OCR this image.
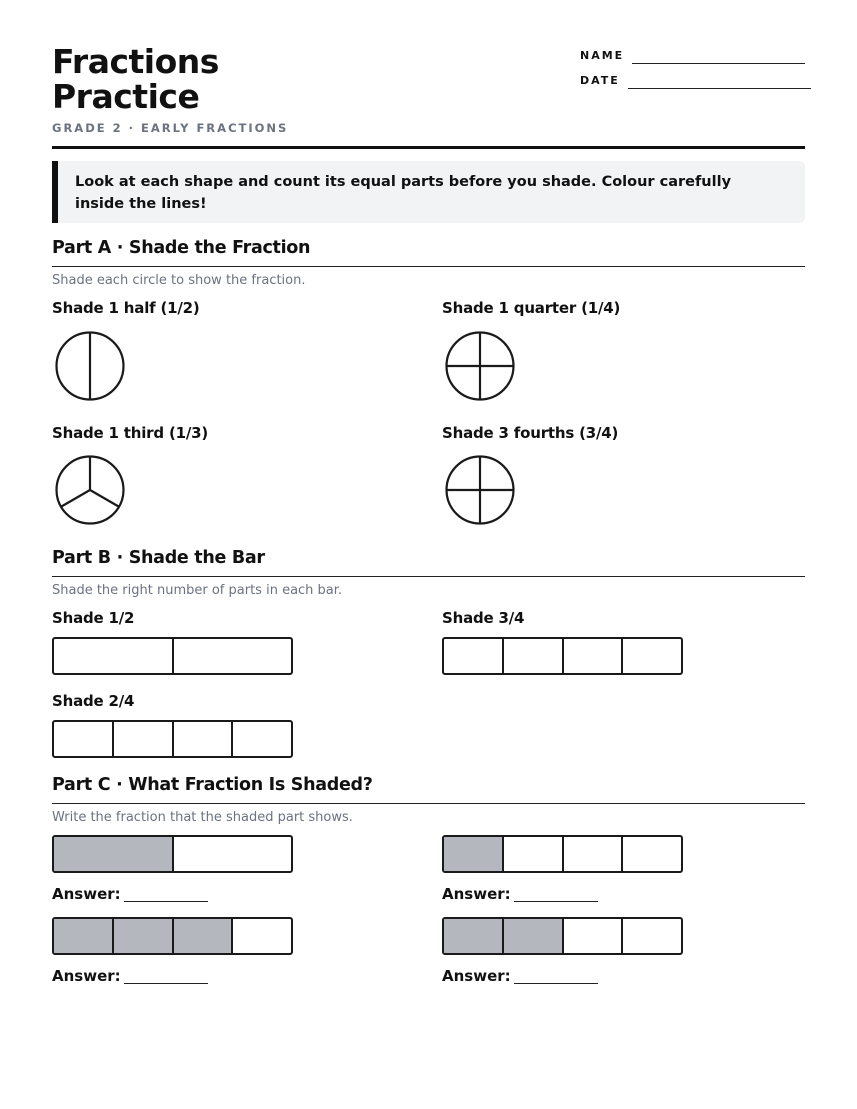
Fractions
Practice
GRADE 2 · EARLY FRACTIONS
NAME
DATE
Look at each shape and count its equal parts before you shade. Colour carefully inside the lines!
Part A · Shade the Fraction
Shade each circle to show the fraction.
Shade 1 half (1/2)	Shade 1 quarter (1/4)
Shade 1 third (1/3)	Shade 3 fourths (3/4)
Part B · Shade the Bar
Shade the right number of parts in each bar.
Shade 1/2	Shade 3/4
Shade 2/4
Part C · What Fraction Is Shaded?
Write the fraction that the shaded part shows.
Answer:	Answer:
Answer:	Answer:
